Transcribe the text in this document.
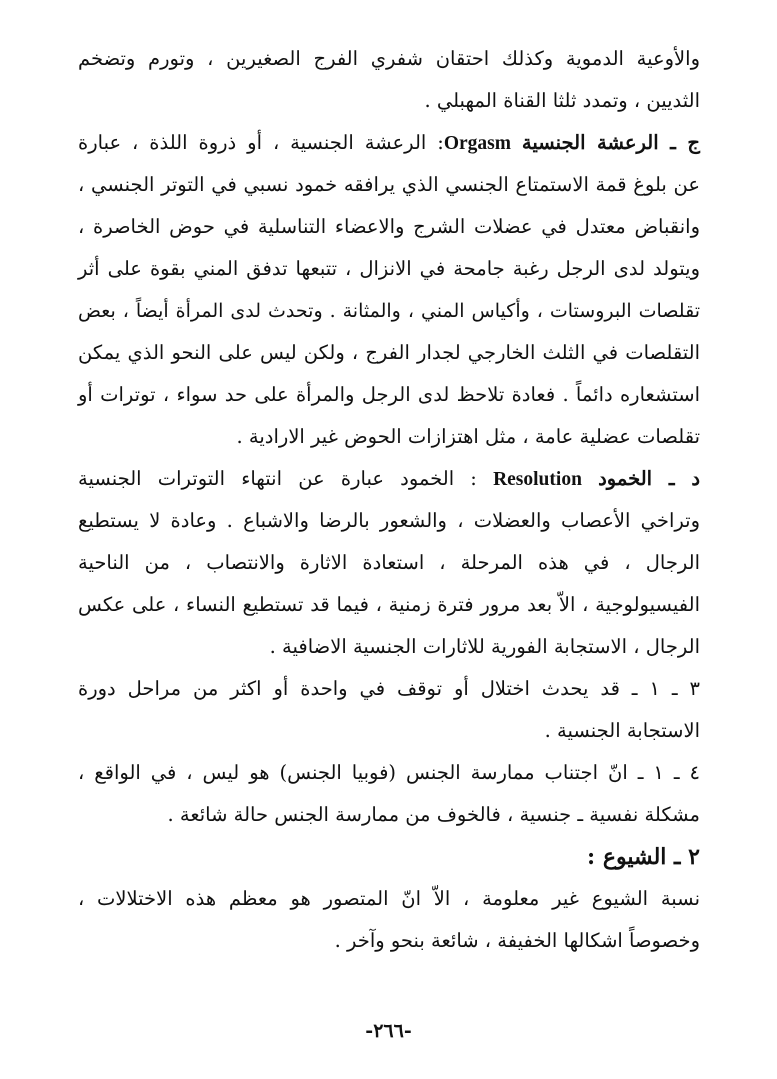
والأوعية الدموية وكذلك احتقان شفري الفرج الصغيرين ، وتورم وتضخم
الثديين ، وتمدد ثلثا القناة المهبلي .
ج ـ الرعشة الجنسية Orgasm: الرعشة الجنسية ، أو ذروة اللذة ، عبارة
عن بلوغ قمة الاستمتاع الجنسي الذي يرافقه خمود نسبي في التوتر الجنسي ،
وانقباض معتدل في عضلات الشرج والاعضاء التناسلية في حوض الخاصرة ،
ويتولد لدى الرجل رغبة جامحة في الانزال ، تتبعها تدفق المني بقوة على أثر
تقلصات البروستات ، وأكياس المني ، والمثانة . وتحدث لدى المرأة أيضاً ، بعض
التقلصات في الثلث الخارجي لجدار الفرج ، ولكن ليس على النحو الذي يمكن
استشعاره دائماً . فعادة تلاحظ لدى الرجل والمرأة على حد سواء ، توترات أو
تقلصات عضلية عامة ، مثل اهتزازات الحوض غير الارادية .
د ـ الخمود Resolution : الخمود عبارة عن انتهاء التوترات الجنسية
وتراخي الأعصاب والعضلات ، والشعور بالرضا والاشباع . وعادة لا يستطيع
الرجال ، في هذه المرحلة ، استعادة الاثارة والانتصاب ، من الناحية
الفيسيولوجية ، الاّ بعد مرور فترة زمنية ، فيما قد تستطيع النساء ، على عكس
الرجال ، الاستجابة الفورية للاثارات الجنسية الاضافية .
٣ ـ ١ ـ قد يحدث اختلال أو توقف في واحدة أو اكثر من مراحل دورة
الاستجابة الجنسية .
٤ ـ ١ ـ انّ اجتناب ممارسة الجنس (فوبيا الجنس) هو ليس ، في الواقع ،
مشكلة نفسية ـ جنسية ، فالخوف من ممارسة الجنس حالة شائعة .
٢ ـ الشيوع :
نسبة الشيوع غير معلومة ، الاّ انّ المتصور هو معظم هذه الاختلالات ،
وخصوصاً اشكالها الخفيفة ، شائعة بنحو وآخر .
-٢٦٦-
